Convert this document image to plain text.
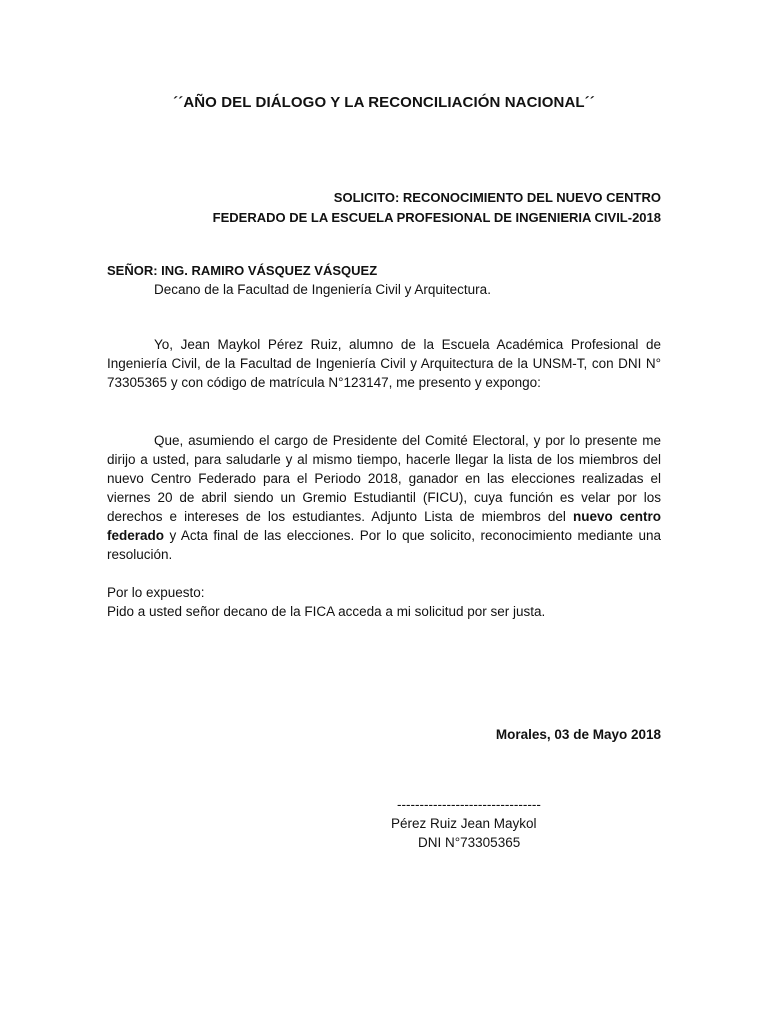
´´AÑO DEL DIÁLOGO Y LA RECONCILIACIÓN NACIONAL´´
SOLICITO: RECONOCIMIENTO DEL NUEVO CENTRO
FEDERADO DE LA ESCUELA PROFESIONAL DE INGENIERIA CIVIL-2018
SEÑOR: ING. RAMIRO VÁSQUEZ VÁSQUEZ
Decano de la Facultad de Ingeniería Civil y Arquitectura.
Yo, Jean Maykol Pérez Ruiz, alumno de la Escuela Académica Profesional de Ingeniería Civil, de la Facultad de Ingeniería Civil y Arquitectura de la UNSM-T, con DNI N° 73305365 y con código de matrícula N°123147, me presento y expongo:
Que, asumiendo el cargo de Presidente del Comité Electoral, y por lo presente me dirijo a usted, para saludarle y al mismo tiempo, hacerle llegar la lista de los miembros del nuevo Centro Federado para el Periodo 2018, ganador en las elecciones realizadas el viernes 20 de abril siendo un Gremio Estudiantil (FICU), cuya función es velar por los derechos e intereses de los estudiantes. Adjunto Lista de miembros del nuevo centro federado y Acta final de las elecciones. Por lo que solicito, reconocimiento mediante una resolución.
Por lo expuesto:
Pido a usted señor decano de la FICA acceda a mi solicitud por ser justa.
Morales, 03 de Mayo 2018
--------------------------------
Pérez Ruiz Jean Maykol
DNI N°73305365
